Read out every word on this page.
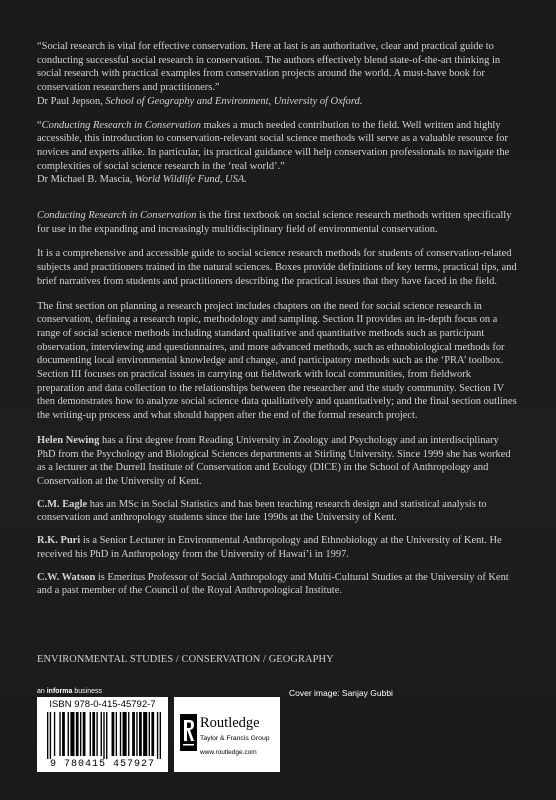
“Social research is vital for effective conservation. Here at last is an authoritative, clear and practical guide to conducting successful social research in conservation. The authors effectively blend state-of-the-art thinking in social research with practical examples from conservation projects around the world. A must-have book for conservation researchers and practitioners.”
Dr Paul Jepson, School of Geography and Environment, University of Oxford.

“Conducting Research in Conservation makes a much needed contribution to the field. Well written and highly accessible, this introduction to conservation-relevant social science methods will serve as a valuable resource for novices and experts alike. In particular, its practical guidance will help conservation professionals to navigate the complexities of social science research in the ‘real world’.”
Dr Michael B. Mascia, World Wildlife Fund, USA.

Conducting Research in Conservation is the first textbook on social science research methods written specifically for use in the expanding and increasingly multidisciplinary field of environmental conservation.

It is a comprehensive and accessible guide to social science research methods for students of conservation-related subjects and practitioners trained in the natural sciences. Boxes provide definitions of key terms, practical tips, and brief narratives from students and practitioners describing the practical issues that they have faced in the field.

The first section on planning a research project includes chapters on the need for social science research in conservation, defining a research topic, methodology and sampling. Section II provides an in-depth focus on a range of social science methods including standard qualitative and quantitative methods such as participant observation, interviewing and questionnaires, and more advanced methods, such as ethnobiological methods for documenting local environmental knowledge and change, and participatory methods such as the ‘PRA’ toolbox. Section III focuses on practical issues in carrying out fieldwork with local communities, from fieldwork preparation and data collection to the relationships between the researcher and the study community. Section IV then demonstrates how to analyze social science data qualitatively and quantitatively; and the final section outlines the writing-up process and what should happen after the end of the formal research project.

Helen Newing has a first degree from Reading University in Zoology and Psychology and an interdisciplinary PhD from the Psychology and Biological Sciences departments at Stirling University. Since 1999 she has worked as a lecturer at the Durrell Institute of Conservation and Ecology (DICE) in the School of Anthropology and Conservation at the University of Kent.

C.M. Eagle has an MSc in Social Statistics and has been teaching research design and statistical analysis to conservation and anthropology students since the late 1990s at the University of Kent.

R.K. Puri is a Senior Lecturer in Environmental Anthropology and Ethnobiology at the University of Kent. He received his PhD in Anthropology from the University of Hawai’i in 1997.

C.W. Watson is Emeritus Professor of Social Anthropology and Multi-Cultural Studies at the University of Kent and a past member of the Council of the Royal Anthropological Institute.

ENVIRONMENTAL STUDIES / CONSERVATION / GEOGRAPHY
an informa business	Cover image: Sanjay Gubbi
ISBN 978-0-415-45792-7
9 780415 457927
Routledge
Taylor & Francis Group
www.routledge.com
